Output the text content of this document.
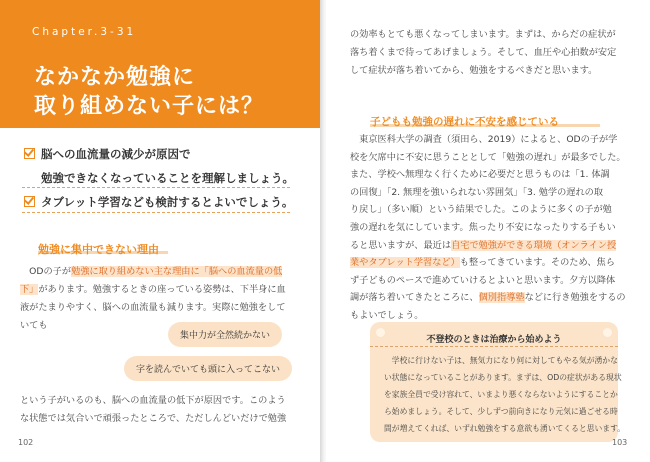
Chapter.3-31
なかなか勉強に
取り組めない子には？
脳への血流量の減少が原因で
勉強できなくなっていることを理解しましょう。
タブレット学習なども検討するとよいでしょう。
勉強に集中できない理由
　ODの子が勉強に取り組めない主な理由に「脳への血流量の低
下」があります。勉強するときの座っている姿勢は、下半身に血
液がたまりやすく、脳への血流量も減ります。実際に勉強をして
いても
集中力が全然続かない
字を読んでいても頭に入ってこない
という子がいるのも、脳への血流量の低下が原因です。このよう
な状態では気合いで頑張ったところで、ただしんどいだけで勉強
102
の効率もとても悪くなってしまいます。まずは、からだの症状が
落ち着くまで待ってあげましょう。そして、血圧や心拍数が安定
して症状が落ち着いてから、勉強をするべきだと思います。
子どもも勉強の遅れに不安を感じている
　東京医科大学の調査（須田ら、2019）によると、ODの子が学
校を欠席中に不安に思うこととして「勉強の遅れ」が最多でした。
また、学校へ無理なく行くために必要だと思うものは「1. 体調
の回復」「2. 無理を強いられない雰囲気」「3. 勉学の遅れの取
り戻し」（多い順）という結果でした。このように多くの子が勉
強の遅れを気にしています。焦ったり不安になったりする子もい
ると思いますが、最近は自宅で勉強ができる環境（オンライン授
業やタブレット学習など）も整ってきています。そのため、焦ら
ず子どものペースで進めていけるとよいと思います。夕方以降体
調が落ち着いてきたところに、個別指導塾などに行き勉強をするの
もよいでしょう。
不登校のときは治療から始めよう
　学校に行けない子は、無気力になり何に対してもやる気が湧かな
い状態になっていることがあります。まずは、ODの症状がある現状
を家族全員で受け容れて、いまより悪くならないようにすることか
ら始めましょう。そして、少しずつ前向きになり元気に過ごせる時
間が増えてくれば、いずれ勉強をする意欲も湧いてくると思います。
103
